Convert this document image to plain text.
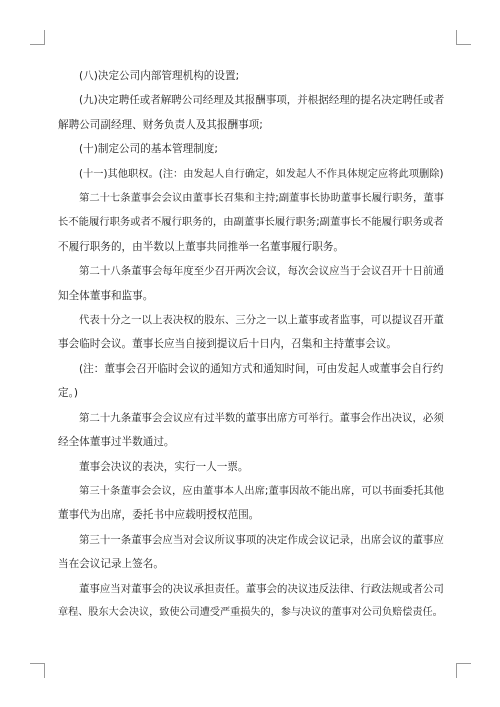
(八)决定公司内部管理机构的设置;

(九)决定聘任或者解聘公司经理及其报酬事项，并根据经理的提名决定聘任或者

解聘公司副经理、财务负责人及其报酬事项;

(十)制定公司的基本管理制度;

(十一)其他职权。(注：由发起人自行确定，如发起人不作具体规定应将此项删除)

第二十七条董事会会议由董事长召集和主持;副董事长协助董事长履行职务，董事

长不能履行职务或者不履行职务的，由副董事长履行职务;副董事长不能履行职务或者

不履行职务的，由半数以上董事共同推举一名董事履行职务。

第二十八条董事会每年度至少召开两次会议，每次会议应当于会议召开十日前通

知全体董事和监事。

代表十分之一以上表决权的股东、三分之一以上董事或者监事，可以提议召开董

事会临时会议。董事长应当自接到提议后十日内，召集和主持董事会议。

(注：董事会召开临时会议的通知方式和通知时间，可由发起人或董事会自行约

定。)

第二十九条董事会会议应有过半数的董事出席方可举行。董事会作出决议，必须

经全体董事过半数通过。

董事会决议的表决，实行一人一票。

第三十条董事会会议，应由董事本人出席;董事因故不能出席，可以书面委托其他

董事代为出席，委托书中应载明授权范围。

第三十一条董事会应当对会议所议事项的决定作成会议记录，出席会议的董事应

当在会议记录上签名。

董事应当对董事会的决议承担责任。董事会的决议违反法律、行政法规或者公司

章程、股东大会决议，致使公司遭受严重损失的，参与决议的董事对公司负赔偿责任。
